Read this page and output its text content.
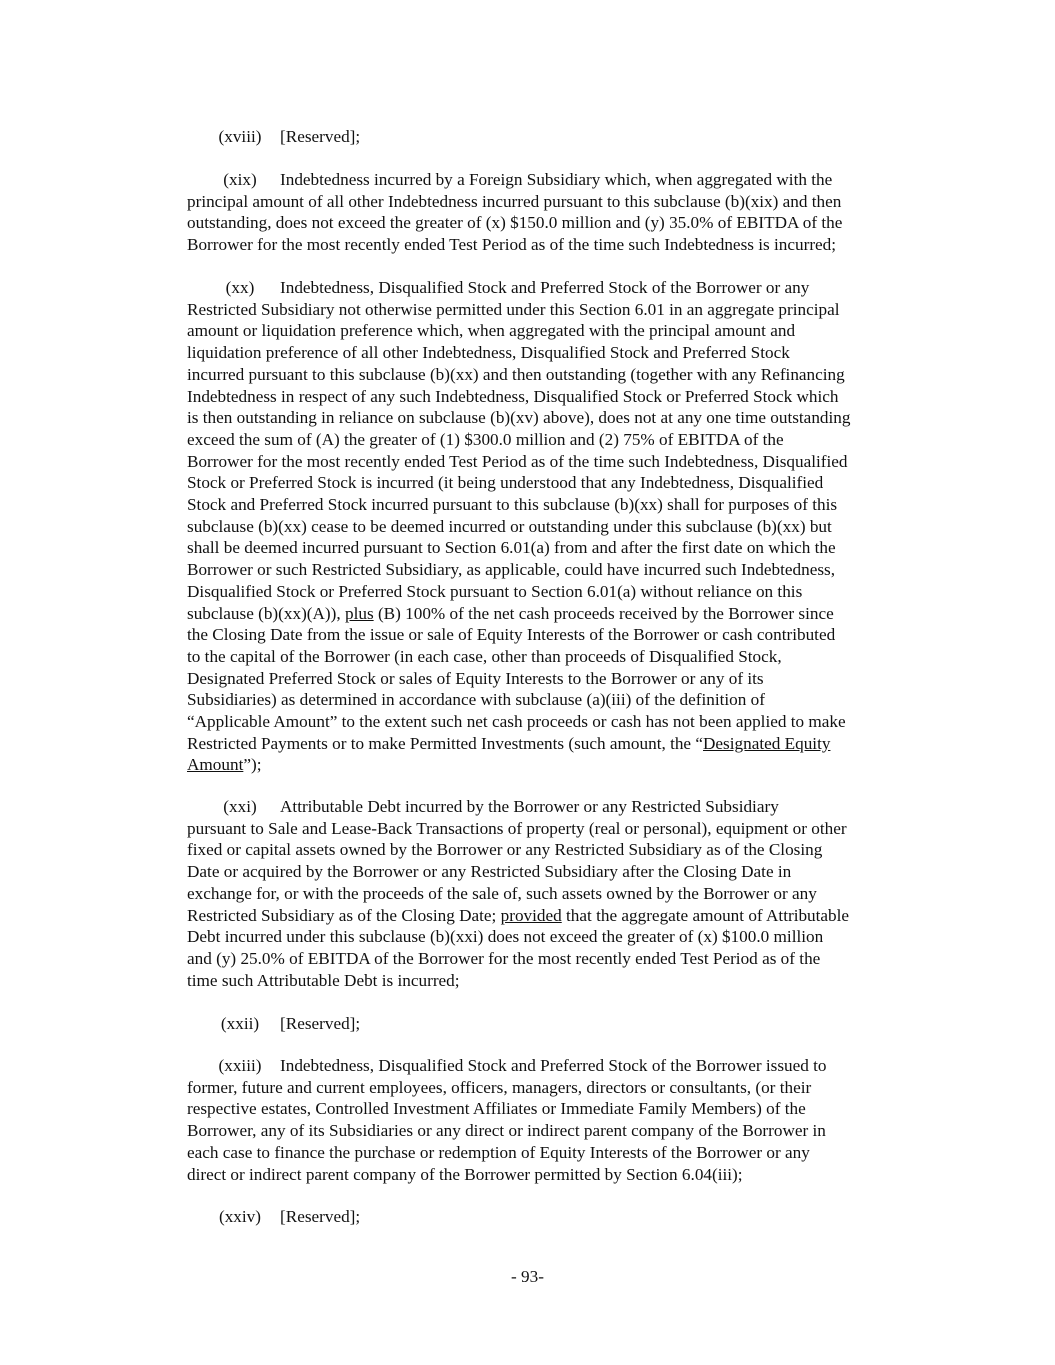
(xviii) [Reserved];
(xix) Indebtedness incurred by a Foreign Subsidiary which, when aggregated with the
principal amount of all other Indebtedness incurred pursuant to this subclause (b)(xix) and then
outstanding, does not exceed the greater of (x) $150.0 million and (y) 35.0% of EBITDA of the
Borrower for the most recently ended Test Period as of the time such Indebtedness is incurred;
(xx) Indebtedness, Disqualified Stock and Preferred Stock of the Borrower or any
Restricted Subsidiary not otherwise permitted under this Section 6.01 in an aggregate principal
amount or liquidation preference which, when aggregated with the principal amount and
liquidation preference of all other Indebtedness, Disqualified Stock and Preferred Stock
incurred pursuant to this subclause (b)(xx) and then outstanding (together with any Refinancing
Indebtedness in respect of any such Indebtedness, Disqualified Stock or Preferred Stock which
is then outstanding in reliance on subclause (b)(xv) above), does not at any one time outstanding
exceed the sum of (A) the greater of (1) $300.0 million and (2) 75% of EBITDA of the
Borrower for the most recently ended Test Period as of the time such Indebtedness, Disqualified
Stock or Preferred Stock is incurred (it being understood that any Indebtedness, Disqualified
Stock and Preferred Stock incurred pursuant to this subclause (b)(xx) shall for purposes of this
subclause (b)(xx) cease to be deemed incurred or outstanding under this subclause (b)(xx) but
shall be deemed incurred pursuant to Section 6.01(a) from and after the first date on which the
Borrower or such Restricted Subsidiary, as applicable, could have incurred such Indebtedness,
Disqualified Stock or Preferred Stock pursuant to Section 6.01(a) without reliance on this
subclause (b)(xx)(A)), plus (B) 100% of the net cash proceeds received by the Borrower since
the Closing Date from the issue or sale of Equity Interests of the Borrower or cash contributed
to the capital of the Borrower (in each case, other than proceeds of Disqualified Stock,
Designated Preferred Stock or sales of Equity Interests to the Borrower or any of its
Subsidiaries) as determined in accordance with subclause (a)(iii) of the definition of
“Applicable Amount” to the extent such net cash proceeds or cash has not been applied to make
Restricted Payments or to make Permitted Investments (such amount, the “Designated Equity
Amount”);
(xxi) Attributable Debt incurred by the Borrower or any Restricted Subsidiary
pursuant to Sale and Lease-Back Transactions of property (real or personal), equipment or other
fixed or capital assets owned by the Borrower or any Restricted Subsidiary as of the Closing
Date or acquired by the Borrower or any Restricted Subsidiary after the Closing Date in
exchange for, or with the proceeds of the sale of, such assets owned by the Borrower or any
Restricted Subsidiary as of the Closing Date; provided that the aggregate amount of Attributable
Debt incurred under this subclause (b)(xxi) does not exceed the greater of (x) $100.0 million
and (y) 25.0% of EBITDA of the Borrower for the most recently ended Test Period as of the
time such Attributable Debt is incurred;
(xxii) [Reserved];
(xxiii) Indebtedness, Disqualified Stock and Preferred Stock of the Borrower issued to
former, future and current employees, officers, managers, directors or consultants, (or their
respective estates, Controlled Investment Affiliates or Immediate Family Members) of the
Borrower, any of its Subsidiaries or any direct or indirect parent company of the Borrower in
each case to finance the purchase or redemption of Equity Interests of the Borrower or any
direct or indirect parent company of the Borrower permitted by Section 6.04(iii);
(xxiv) [Reserved];
- 93-
